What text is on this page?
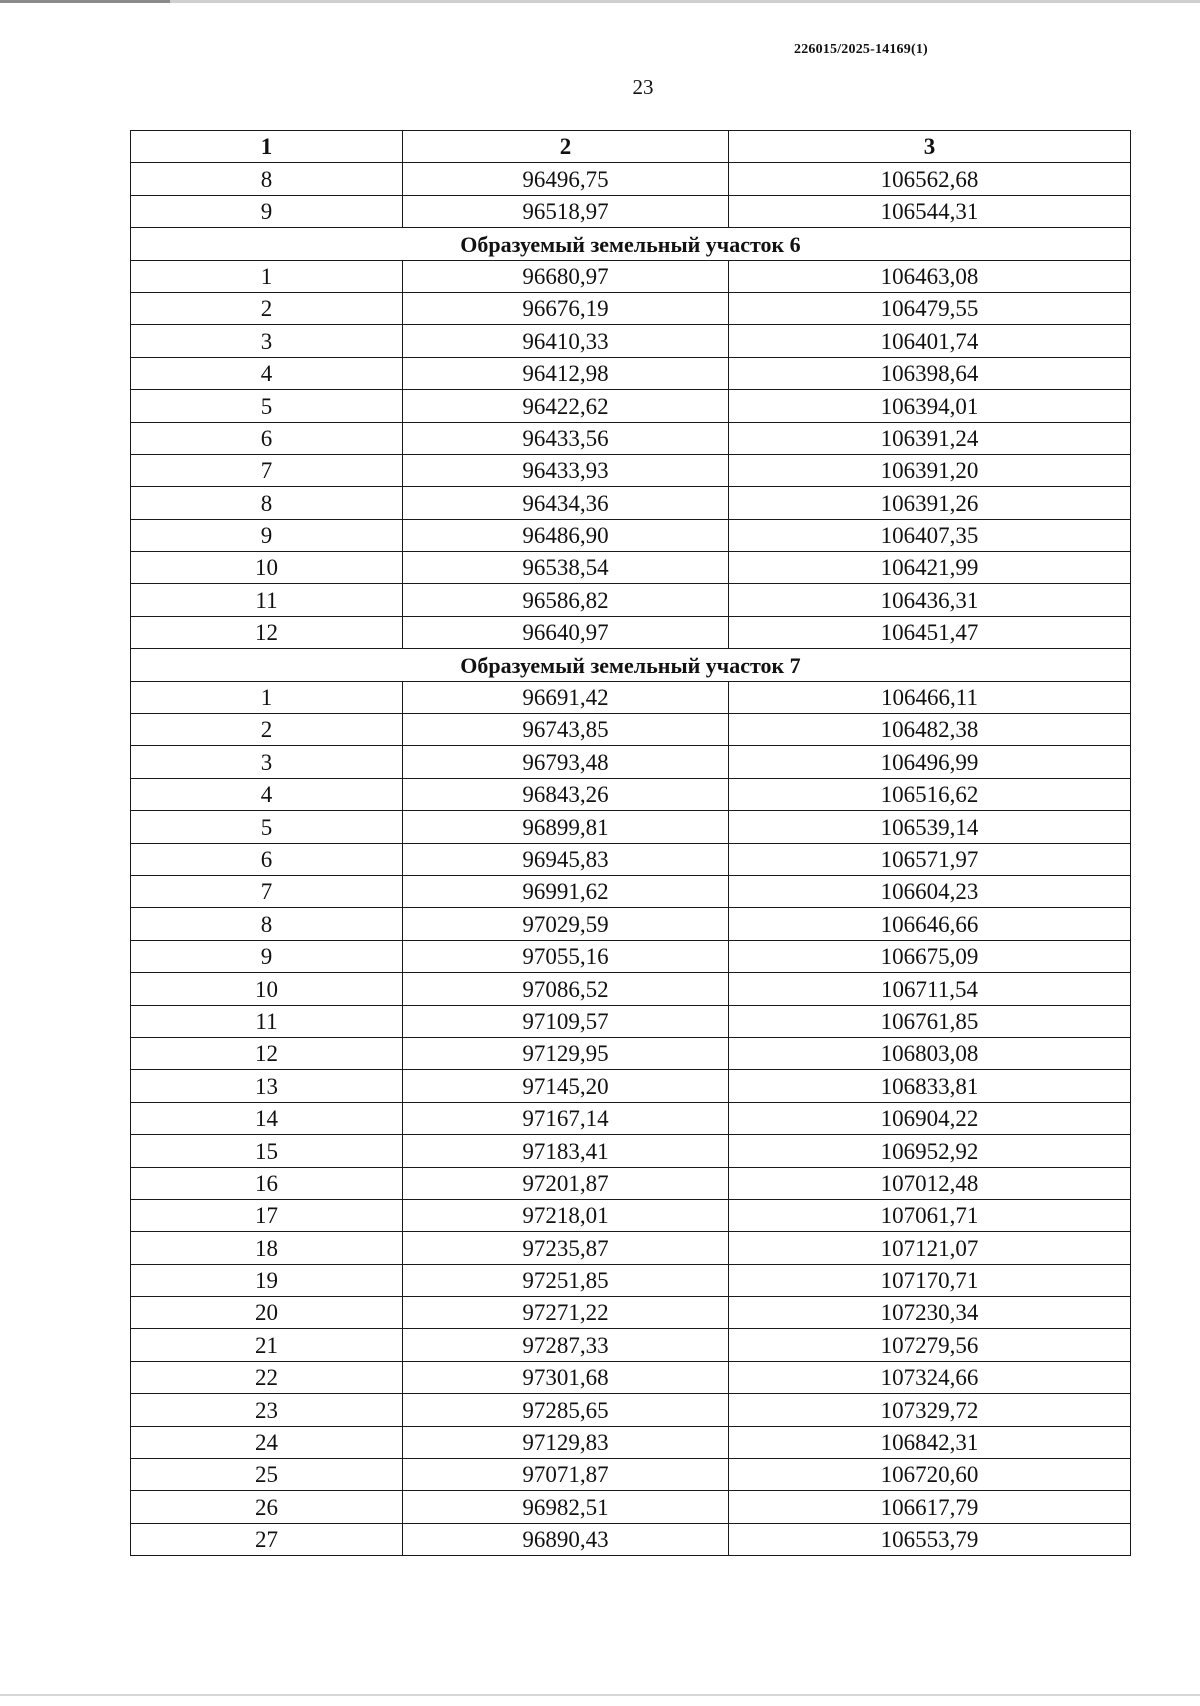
226015/2025-14169(1)
23
1	2	3
8	96496,75	106562,68
9	96518,97	106544,31
Образуемый земельный участок 6		
1	96680,97	106463,08
2	96676,19	106479,55
3	96410,33	106401,74
4	96412,98	106398,64
5	96422,62	106394,01
6	96433,56	106391,24
7	96433,93	106391,20
8	96434,36	106391,26
9	96486,90	106407,35
10	96538,54	106421,99
11	96586,82	106436,31
12	96640,97	106451,47
Образуемый земельный участок 7		
1	96691,42	106466,11
2	96743,85	106482,38
3	96793,48	106496,99
4	96843,26	106516,62
5	96899,81	106539,14
6	96945,83	106571,97
7	96991,62	106604,23
8	97029,59	106646,66
9	97055,16	106675,09
10	97086,52	106711,54
11	97109,57	106761,85
12	97129,95	106803,08
13	97145,20	106833,81
14	97167,14	106904,22
15	97183,41	106952,92
16	97201,87	107012,48
17	97218,01	107061,71
18	97235,87	107121,07
19	97251,85	107170,71
20	97271,22	107230,34
21	97287,33	107279,56
22	97301,68	107324,66
23	97285,65	107329,72
24	97129,83	106842,31
25	97071,87	106720,60
26	96982,51	106617,79
27	96890,43	106553,79
